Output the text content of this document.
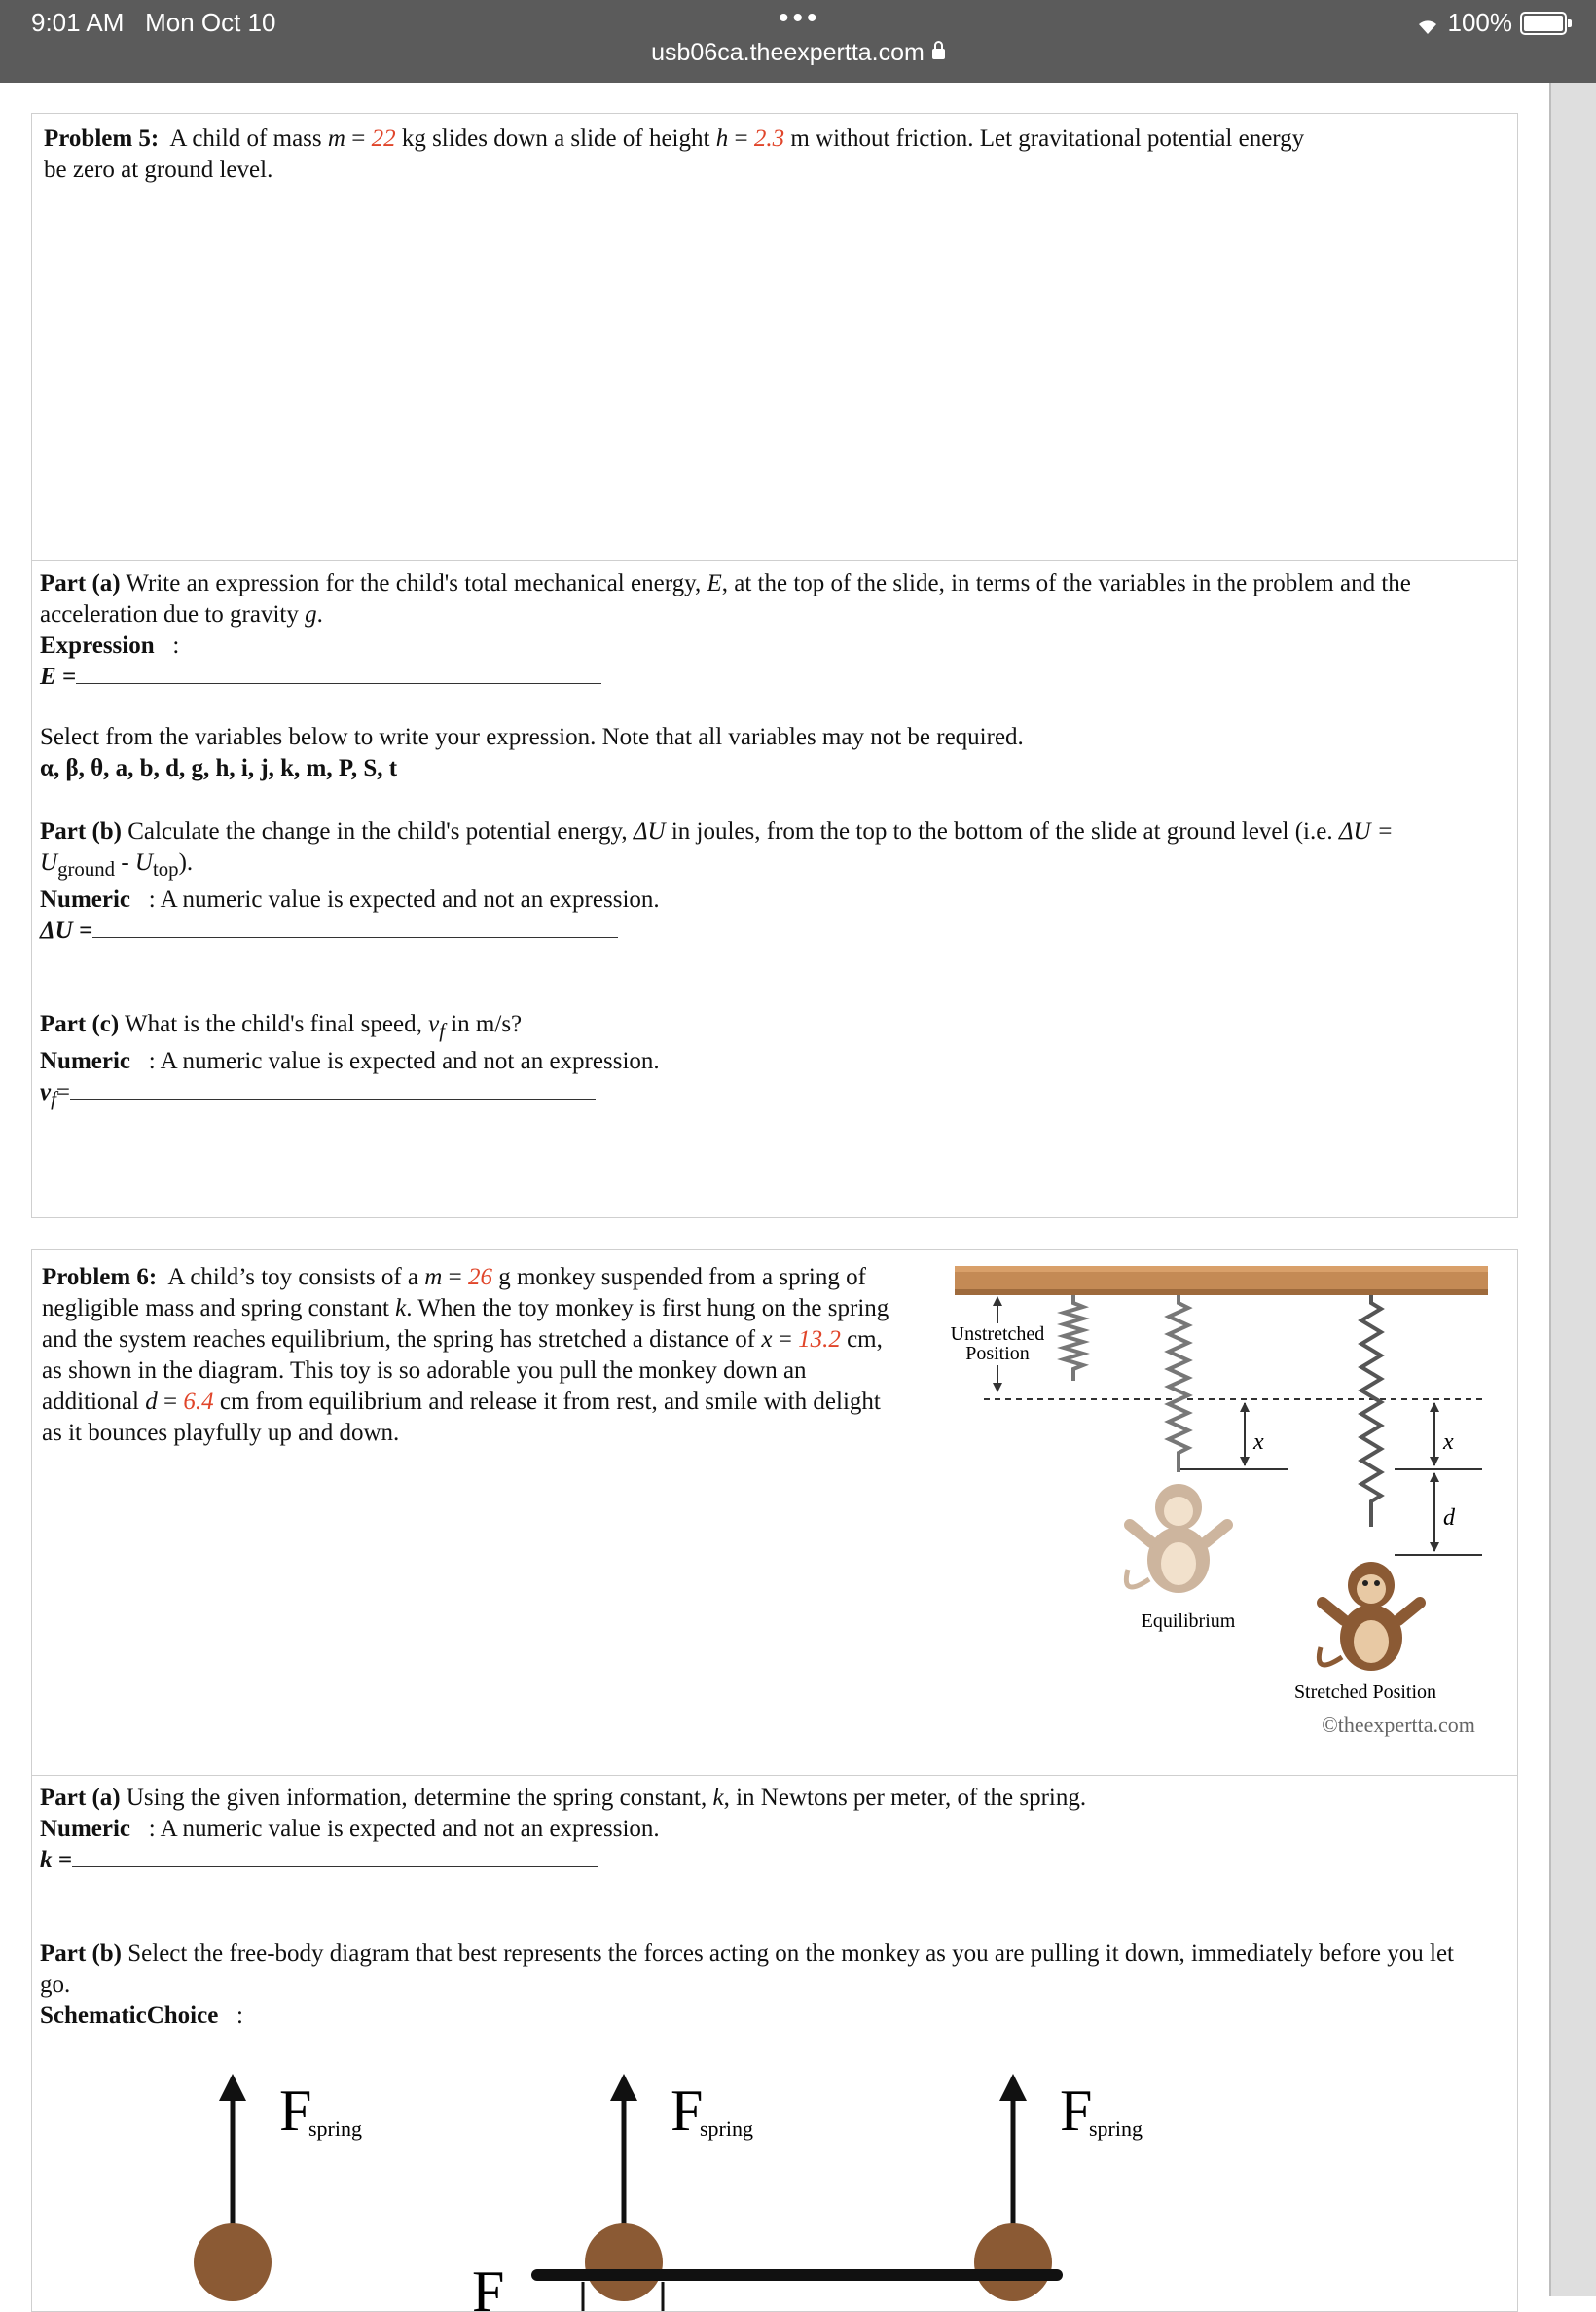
9:01 AM Mon Oct 10	•••
usb06ca.theexpertta.com
100%

Problem 5: A child of mass m = 22 kg slides down a slide of height h = 2.3 m without friction. Let gravitational potential energy
be zero at ground level.

Part (a) Write an expression for the child's total mechanical energy, E, at the top of the slide, in terms of the variables in the problem and the
acceleration due to gravity g.
Expression :
E =

Select from the variables below to write your expression. Note that all variables may not be required.
α, β, θ, a, b, d, g, h, i, j, k, m, P, S, t

Part (b) Calculate the change in the child's potential energy, ΔU in joules, from the top to the bottom of the slide at ground level (i.e. ΔU =
$U_{ground} - U_{top}$).
Numeric : A numeric value is expected and not an expression.
ΔU =

Part (c) What is the child's final speed, $v_f$ in m/s?
Numeric : A numeric value is expected and not an expression.
$v_f=$

Problem 6: A child’s toy consists of a m = 26 g monkey suspended from a spring of
negligible mass and spring constant k. When the toy monkey is first hung on the spring
and the system reaches equilibrium, the spring has stretched a distance of x = 13.2 cm,
as shown in the diagram. This toy is so adorable you pull the monkey down an
additional d = 6.4 cm from equilibrium and release it from rest, and smile with delight
as it bounces playfully up and down.

Unstretched
Position
x	x
d
Equilibrium
Stretched Position
©theexpertta.com

Part (a) Using the given information, determine the spring constant, k, in Newtons per meter, of the spring.
Numeric : A numeric value is expected and not an expression.
k =

Part (b) Select the free-body diagram that best represents the forces acting on the monkey as you are pulling it down, immediately before you let
go.
SchematicChoice :

F
spring	F
spring
F
F
spring
